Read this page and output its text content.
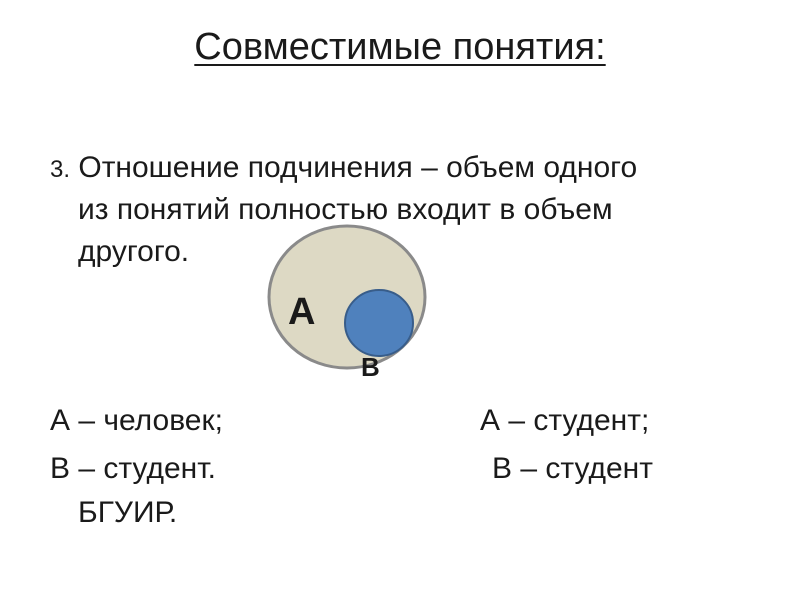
Совместимые понятия:
3. Отношение подчинения – объем одного
из понятий полностью входит в объем
другого.
А
В
А – человек;
В – студент.
А – студент;
В – студент
БГУИР.
